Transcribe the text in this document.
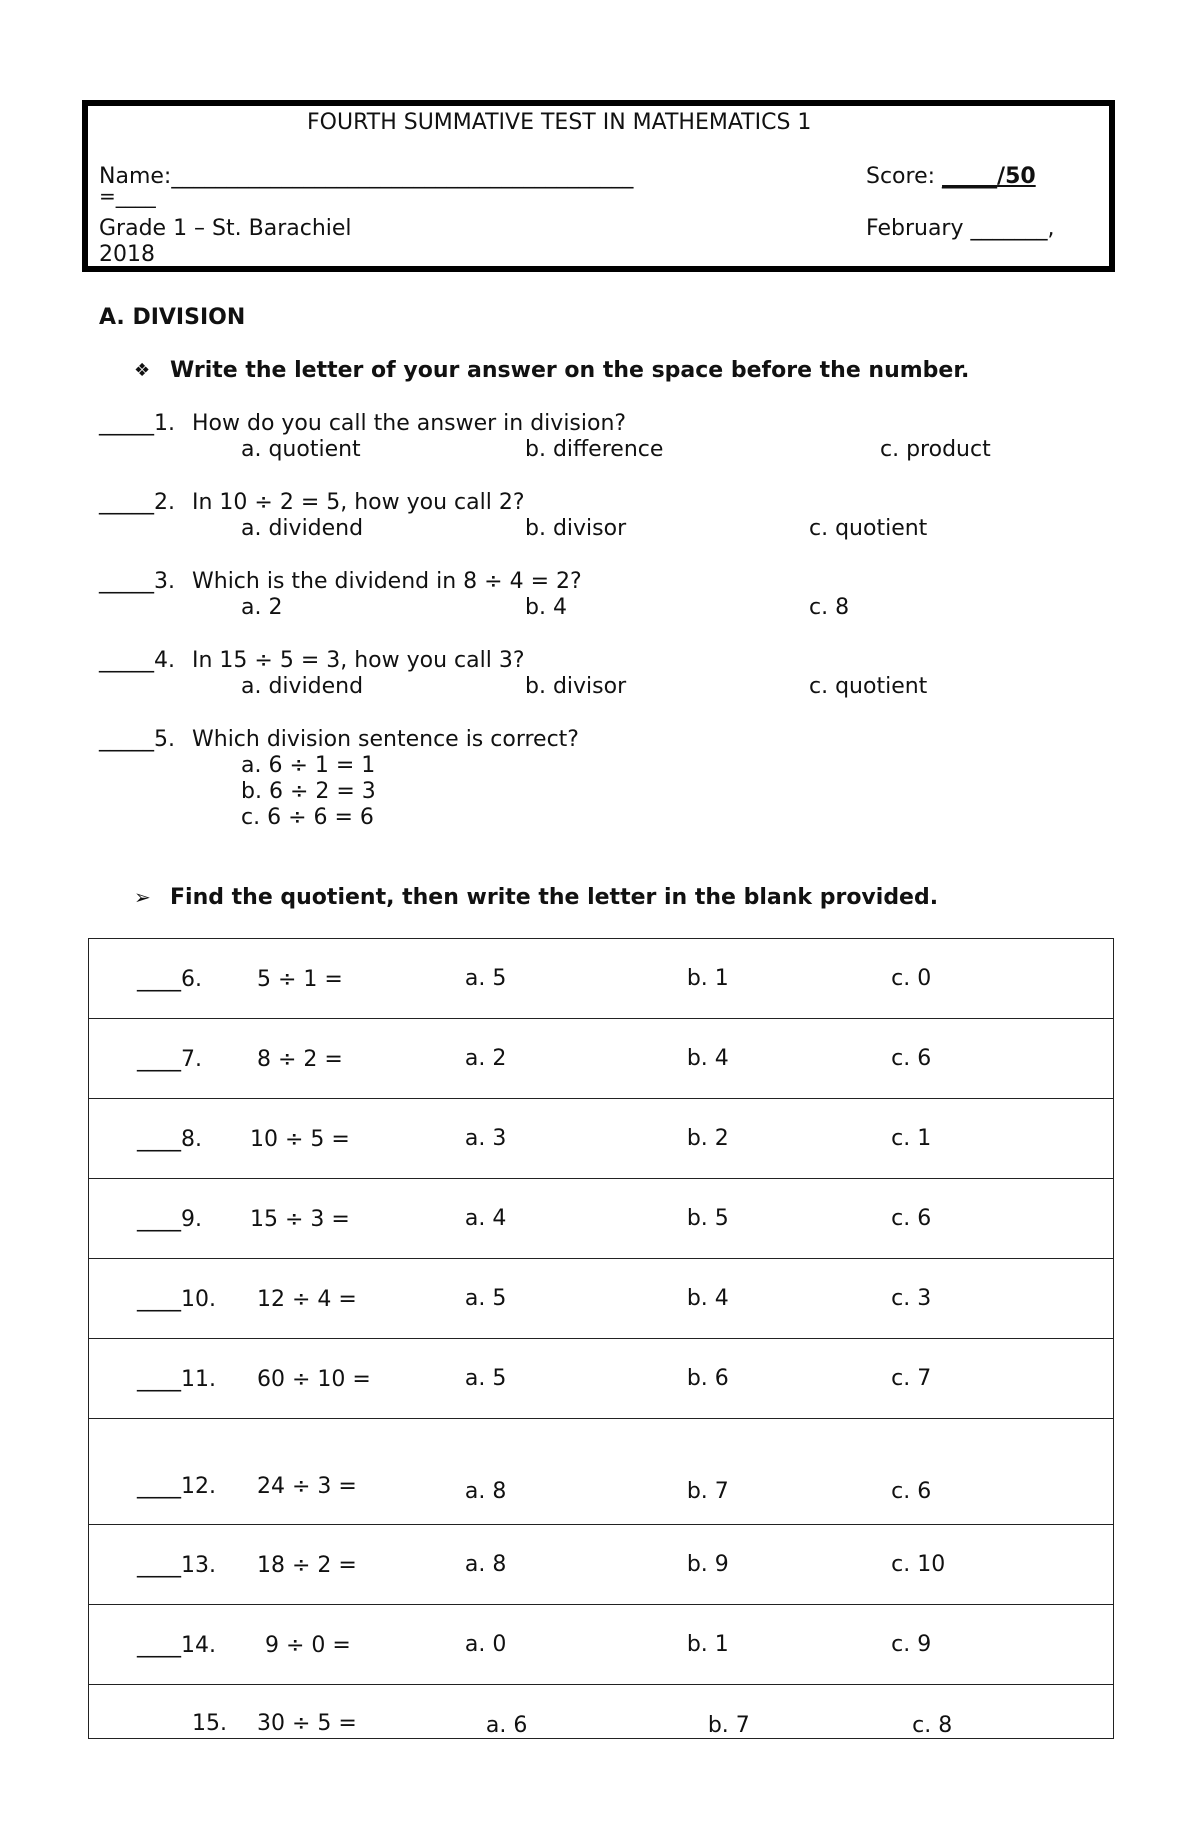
FOURTH SUMMATIVE TEST IN MATHEMATICS 1
Name:__________________________________________
=____
Score: _____/50
Grade 1 – St. Barachiel
2018
February _______,
A. DIVISION
❖ Write the letter of your answer on the space before the number.
_____1. How do you call the answer in division?
a. quotient	b. difference	c. product
_____2. In 10 ÷ 2 = 5, how you call 2?
a. dividend	b. divisor	c. quotient
_____3. Which is the dividend in 8 ÷ 4 = 2?
a. 2	b. 4	c. 8
_____4. In 15 ÷ 5 = 3, how you call 3?
a. dividend	b. divisor	c. quotient
_____5. Which division sentence is correct?
a. 6 ÷ 1 = 1
b. 6 ÷ 2 = 3
c. 6 ÷ 6 = 6
➢ Find the quotient, then write the letter in the blank provided.
____6. 5 ÷ 1 =	a. 5	b. 1	c. 0

____7. 8 ÷ 2 =	a. 2	b. 4	c. 6

____8. 10 ÷ 5 =	a. 3	b. 2	c. 1

____9. 15 ÷ 3 =	a. 4	b. 5	c. 6

____10. 12 ÷ 4 =	a. 5	b. 4	c. 3

____11. 60 ÷ 10 =	a. 5	b. 6	c. 7

____12. 24 ÷ 3 =	a. 8	b. 7	c. 6

____13. 18 ÷ 2 =	a. 8	b. 9	c. 10

____14. 9 ÷ 0 =	a. 0	b. 1	c. 9

15. 30 ÷ 5 =	a. 6	b. 7	c. 8
